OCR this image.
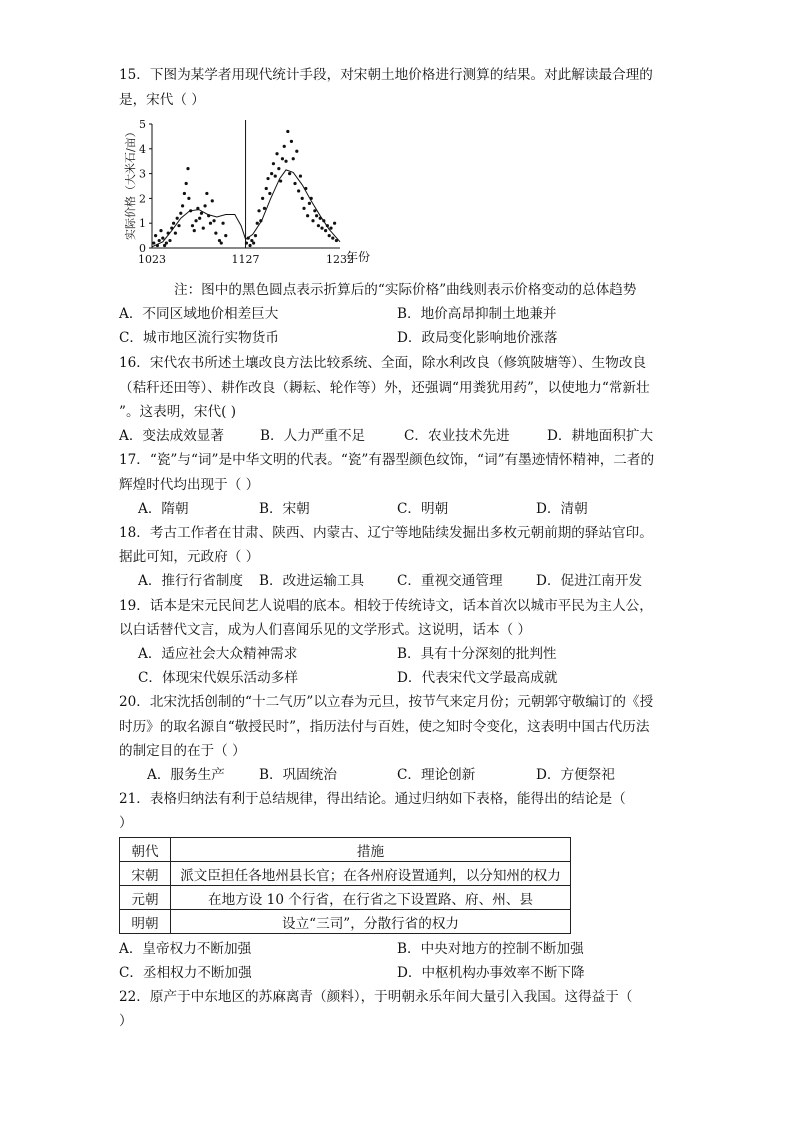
15．下图为某学者用现代统计手段，对宋朝土地价格进行测算的结果。对此解读最合理的
是，宋代（ ）
0
1
2
3
4
5
1023	1127	1232
实际价格（大米石/亩）
年份
注：图中的黑色圆点表示折算后的“实际价格”曲线则表示价格变动的总体趋势
A．不同区域地价相差巨大	B．地价高昂抑制土地兼并
C．城市地区流行实物货币	D．政局变化影响地价涨落
16．宋代农书所述土壤改良方法比较系统、全面，除水利改良（修筑陂塘等）、生物改良
（秸秆还田等）、耕作改良（耨耘、轮作等）外，还强调“用粪犹用药”，以使地力“常新壮
”。这表明，宋代( )
A．变法成效显著	B．人力严重不足	C．农业技术先进	D．耕地面积扩大
17．“瓷”与“词”是中华文明的代表。“瓷”有器型颜色纹饰，“词”有墨迹情怀精神，二者的
辉煌时代均出现于（ ）
A．隋朝	B．宋朝	C．明朝	D．清朝
18．考古工作者在甘肃、陕西、内蒙古、辽宁等地陆续发掘出多枚元朝前期的驿站官印。
据此可知，元政府（ ）
A．推行行省制度 B．改进运输工具 C．重视交通管理 D．促进江南开发
19．话本是宋元民间艺人说唱的底本。相较于传统诗文，话本首次以城市平民为主人公，
以白话替代文言，成为人们喜闻乐见的文学形式。这说明，话本（ ）
A．适应社会大众精神需求	B．具有十分深刻的批判性
C．体现宋代娱乐活动多样	D．代表宋代文学最高成就
20．北宋沈括创制的“十二气历”以立春为元旦，按节气来定月份；元朝郭守敬编订的《授
时历》的取名源自“敬授民时”，指历法付与百姓，使之知时令变化，这表明中国古代历法
的制定目的在于（ ）
A．服务生产	B．巩固统治	C．理论创新	D．方便祭祀
21．表格归纳法有利于总结规律，得出结论。通过归纳如下表格，能得出的结论是（
）
朝代	措施
宋朝	派文臣担任各地州县长官；在各州府设置通判，以分知州的权力
元朝	在地方设 10 个行省，在行省之下设置路、府、州、县
明朝	设立“三司”，分散行省的权力
A．皇帝权力不断加强	B．中央对地方的控制不断加强
C．丞相权力不断加强	D．中枢机构办事效率不断下降
22．原产于中东地区的苏麻离青（颜料），于明朝永乐年间大量引入我国。这得益于（
）
